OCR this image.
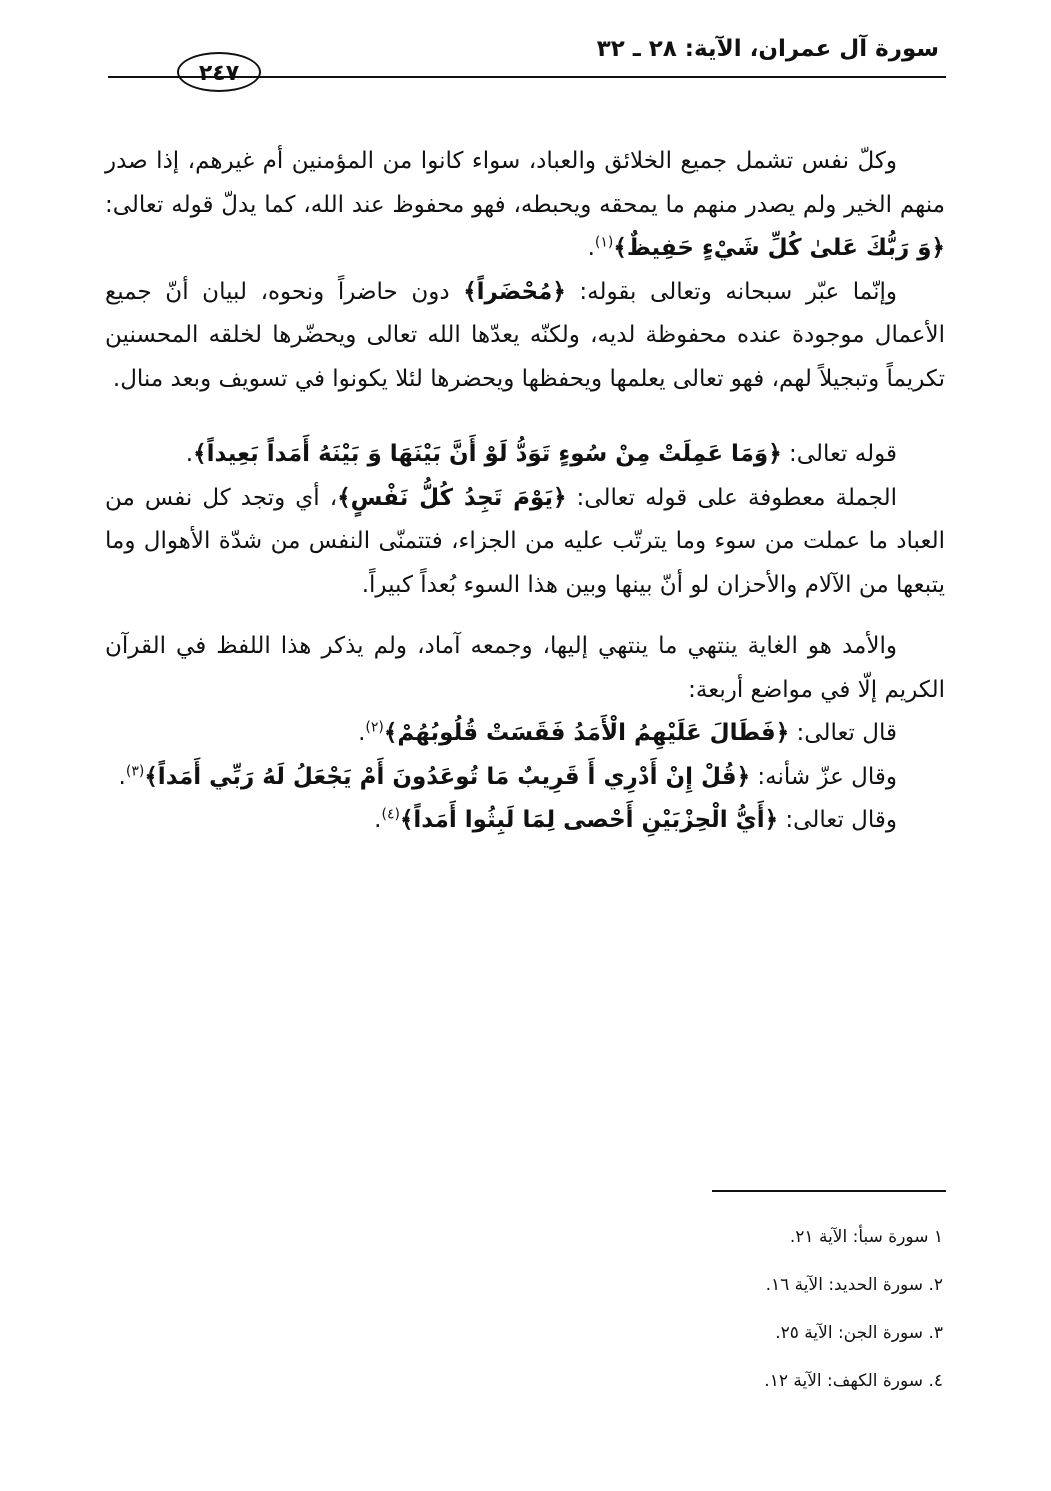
سورة آل عمران، الآية: ٢٨ ـ ٣٢
٢٤٧

وكلّ نفس تشمل جميع الخلائق والعباد، سواء كانوا من المؤمنين أم غيرهم، إذا صدر منهم الخير ولم يصدر منهم ما يمحقه ويحبطه، فهو محفوظ عند الله، كما يدلّ قوله تعالى: ﴿وَ رَبُّكَ عَلىٰ كُلِّ شَيْءٍ حَفِيظٌ﴾$^{(١)}$.

وإنّما عبّر سبحانه وتعالى بقوله: ﴿مُحْضَراً﴾ دون حاضراً ونحوه، لبيان أنّ جميع الأعمال موجودة عنده محفوظة لديه، ولكنّه يعدّها الله تعالى ويحضّرها لخلقه المحسنين تكريماً وتبجيلاً لهم، فهو تعالى يعلمها ويحفظها ويحضرها لئلا يكونوا في تسويف وبعد منال.

قوله تعالى: ﴿وَمَا عَمِلَتْ مِنْ سُوءٍ تَوَدُّ لَوْ أَنَّ بَيْنَهَا وَ بَيْنَهُ أَمَداً بَعِيداً﴾.

الجملة معطوفة على قوله تعالى: ﴿يَوْمَ تَجِدُ كُلُّ نَفْسٍ﴾، أي وتجد كل نفس من العباد ما عملت من سوء وما يترتّب عليه من الجزاء، فتتمنّى النفس من شدّة الأهوال وما يتبعها من الآلام والأحزان لو أنّ بينها وبين هذا السوء بُعداً كبيراً.

والأمد هو الغاية ينتهي ما ينتهي إليها، وجمعه آماد، ولم يذكر هذا اللفظ في القرآن الكريم إلّا في مواضع أربعة:

قال تعالى: ﴿فَطَالَ عَلَيْهِمُ الْأَمَدُ فَقَسَتْ قُلُوبُهُمْ﴾$^{(٢)}$.

وقال عزّ شأنه: ﴿قُلْ إِنْ أَدْرِي أَ قَرِيبٌ مَا تُوعَدُونَ أَمْ يَجْعَلُ لَهُ رَبِّي أَمَداً﴾$^{(٣)}$.

وقال تعالى: ﴿أَيُّ الْحِزْبَيْنِ أَحْصى لِمَا لَبِثُوا أَمَداً﴾$^{(٤)}$.

١ سورة سبأ: الآية ٢١.
٢. سورة الحديد: الآية ١٦.
٣. سورة الجن: الآية ٢٥.
٤. سورة الكهف: الآية ١٢.
